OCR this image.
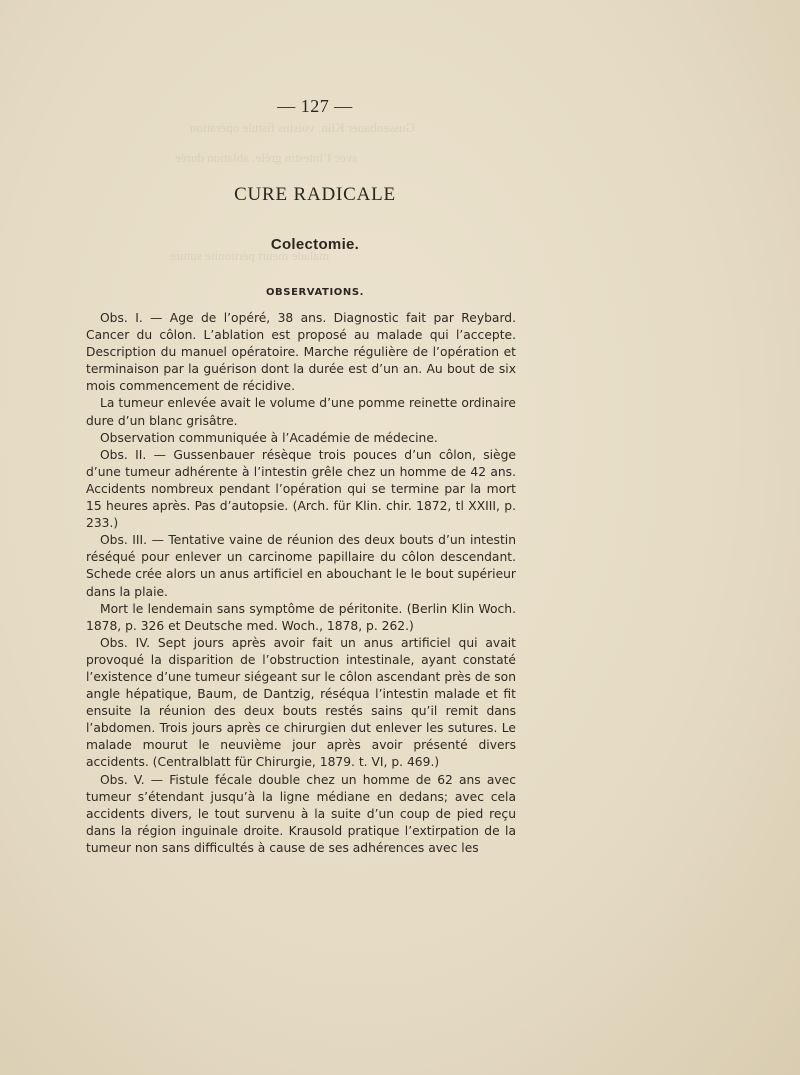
Gussenbauer Klin. voisins fistule opération
avec l’intestin grêle. ablation durée
malade meurt péritonite suture
— 127 —
CURE RADICALE
Colectomie.
OBSERVATIONS.

Obs. I. — Age de l’opéré, 38 ans. Diagnostic fait par Reybard. Cancer du côlon. L’ablation est proposé au malade qui l’accepte. Description du manuel opératoire. Marche régulière de l’opération et terminaison par la guérison dont la durée est d’un an. Au bout de six mois commencement de récidive.

La tumeur enlevée avait le volume d’une pomme reinette ordinaire dure d’un blanc grisâtre.

Observation communiquée à l’Académie de médecine.

Obs. II. — Gussenbauer résèque trois pouces d’un côlon, siège d’une tumeur adhérente à l’intestin grêle chez un homme de 42 ans. Accidents nombreux pendant l’opération qui se termine par la mort 15 heures après. Pas d’autopsie. (Arch. für Klin. chir. 1872, tl XXIII, p. 233.)

Obs. III. — Tentative vaine de réunion des deux bouts d’un intestin réséqué pour enlever un carcinome papillaire du côlon descendant. Schede crée alors un anus artificiel en abouchant le le bout supérieur dans la plaie.

Mort le lendemain sans symptôme de péritonite. (Berlin Klin Woch. 1878, p. 326 et Deutsche med. Woch., 1878, p. 262.)

Obs. IV. Sept jours après avoir fait un anus artificiel qui avait provoqué la disparition de l’obstruction intestinale, ayant constaté l’existence d’une tumeur siégeant sur le côlon ascendant près de son angle hépatique, Baum, de Dantzig, réséqua l’intestin malade et fit ensuite la réunion des deux bouts restés sains qu’il remit dans l’abdomen. Trois jours après ce chirurgien dut enlever les sutures. Le malade mourut le neuvième jour après avoir présenté divers accidents. (Centralblatt für Chirurgie, 1879. t. VI, p. 469.)

Obs. V. — Fistule fécale double chez un homme de 62 ans avec tumeur s’étendant jusqu’à la ligne médiane en dedans; avec cela accidents divers, le tout survenu à la suite d’un coup de pied reçu dans la région inguinale droite. Krausold pratique l’extirpation de la tumeur non sans difficultés à cause de ses adhérences avec les
